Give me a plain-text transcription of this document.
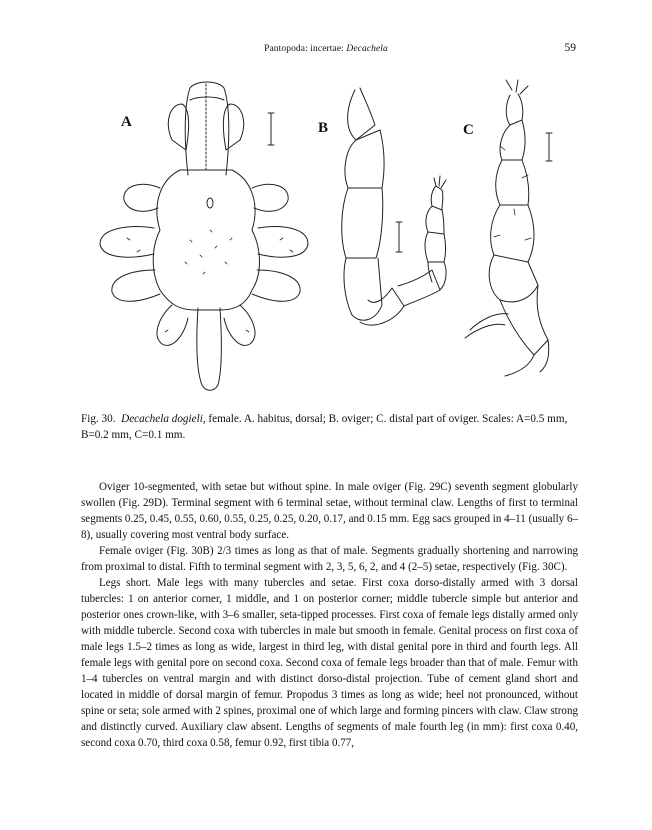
Pantopoda: incertae: Decachela	59
A	B	C
Fig. 30. Decachela dogieli, female. A. habitus, dorsal; B. oviger; C. distal part of oviger. Scales: A=0.5 mm, B=0.2 mm, C=0.1 mm.

Oviger 10-segmented, with setae but without spine. In male oviger (Fig. 29C) seventh segment globularly swollen (Fig. 29D). Terminal segment with 6 terminal setae, without terminal claw. Lengths of first to terminal segments 0.25, 0.45, 0.55, 0.60, 0.55, 0.25, 0.25, 0.20, 0.17, and 0.15 mm. Egg sacs grouped in 4–11 (usually 6–8), usually covering most ventral body surface.

Female oviger (Fig. 30B) 2/3 times as long as that of male. Segments gradually shortening and narrowing from proximal to distal. Fifth to terminal segment with 2, 3, 5, 6, 2, and 4 (2–5) setae, respectively (Fig. 30C).

Legs short. Male legs with many tubercles and setae. First coxa dorso-distally armed with 3 dorsal tubercles: 1 on anterior corner, 1 middle, and 1 on posterior corner; middle tubercle simple but anterior and posterior ones crown-like, with 3–6 smaller, seta-tipped processes. First coxa of female legs distally armed only with middle tubercle. Second coxa with tubercles in male but smooth in female. Genital process on first coxa of male legs 1.5–2 times as long as wide, largest in third leg, with distal genital pore in third and fourth legs. All female legs with genital pore on second coxa. Second coxa of female legs broader than that of male. Femur with 1–4 tubercles on ventral margin and with distinct dorso-distal projection. Tube of cement gland short and located in middle of dorsal margin of femur. Propodus 3 times as long as wide; heel not pronounced, without spine or seta; sole armed with 2 spines, proximal one of which large and forming pincers with claw. Claw strong and distinctly curved. Auxiliary claw absent. Lengths of segments of male fourth leg (in mm): first coxa 0.40, second coxa 0.70, third coxa 0.58, femur 0.92, first tibia 0.77,
